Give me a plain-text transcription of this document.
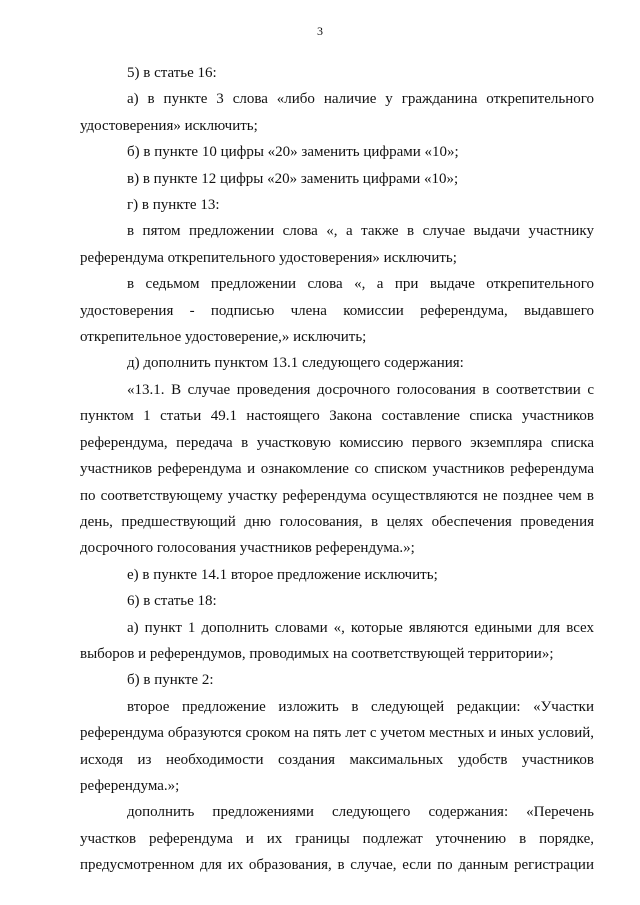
3

5) в статье 16:

а) в пункте 3 слова «либо наличие у гражданина открепительного удостоверения» исключить;

б) в пункте 10 цифры «20» заменить цифрами «10»;

в) в пункте 12 цифры «20» заменить цифрами «10»;

г) в пункте 13:

в пятом предложении слова «, а также в случае выдачи участнику референдума открепительного удостоверения» исключить;

в седьмом предложении слова «, а при выдаче открепительного удостоверения - подписью члена комиссии референдума, выдавшего открепительное удостоверение,» исключить;

д) дополнить пунктом 13.1 следующего содержания:

«13.1. В случае проведения досрочного голосования в соответствии с пунктом 1 статьи 49.1 настоящего Закона составление списка участников референдума, передача в участковую комиссию первого экземпляра списка участников референдума и ознакомление со списком участников референдума по соответствующему участку референдума осуществляются не позднее чем в день, предшествующий дню голосования, в целях обеспечения проведения досрочного голосования участников референдума.»;

е) в пункте 14.1 второе предложение исключить;

6) в статье 18:

а) пункт 1 дополнить словами «, которые являются едиными для всех выборов и референдумов, проводимых на соответствующей территории»;

б) в пункте 2:

второе предложение изложить в следующей редакции: «Участки референдума образуются сроком на пять лет с учетом местных и иных условий, исходя из необходимости создания максимальных удобств участников референдума.»;

дополнить предложениями следующего содержания: «Перечень участков референдума и их границы подлежат уточнению в порядке, предусмотренном для их образования, в случае, если по данным регистрации
